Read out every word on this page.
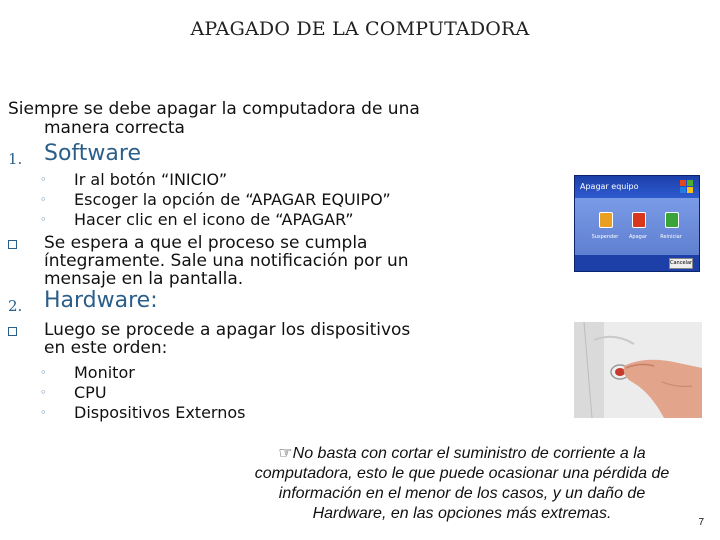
APAGADO DE LA COMPUTADORA
Siempre se debe apagar la computadora de una
manera correcta
1. Software
◦ Ir al botón “INICIO”
◦ Escoger la opción de “APAGAR EQUIPO”
◦ Hacer clic en el icono de “APAGAR”
Se espera a que el proceso se cumpla
íntegramente. Sale una notificación por un
mensaje en la pantalla.
2. Hardware:
Luego se procede a apagar los dispositivos
en este orden:
◦ Monitor
◦ CPU
◦ Dispositivos Externos
Apagar equipo
Suspender	Apagar	Reiniciar
Cancelar
☞No basta con cortar el suministro de corriente a la
computadora, esto le que puede ocasionar una pérdida de
información en el menor de los casos, y un daño de
Hardware, en las opciones más extremas.
7
